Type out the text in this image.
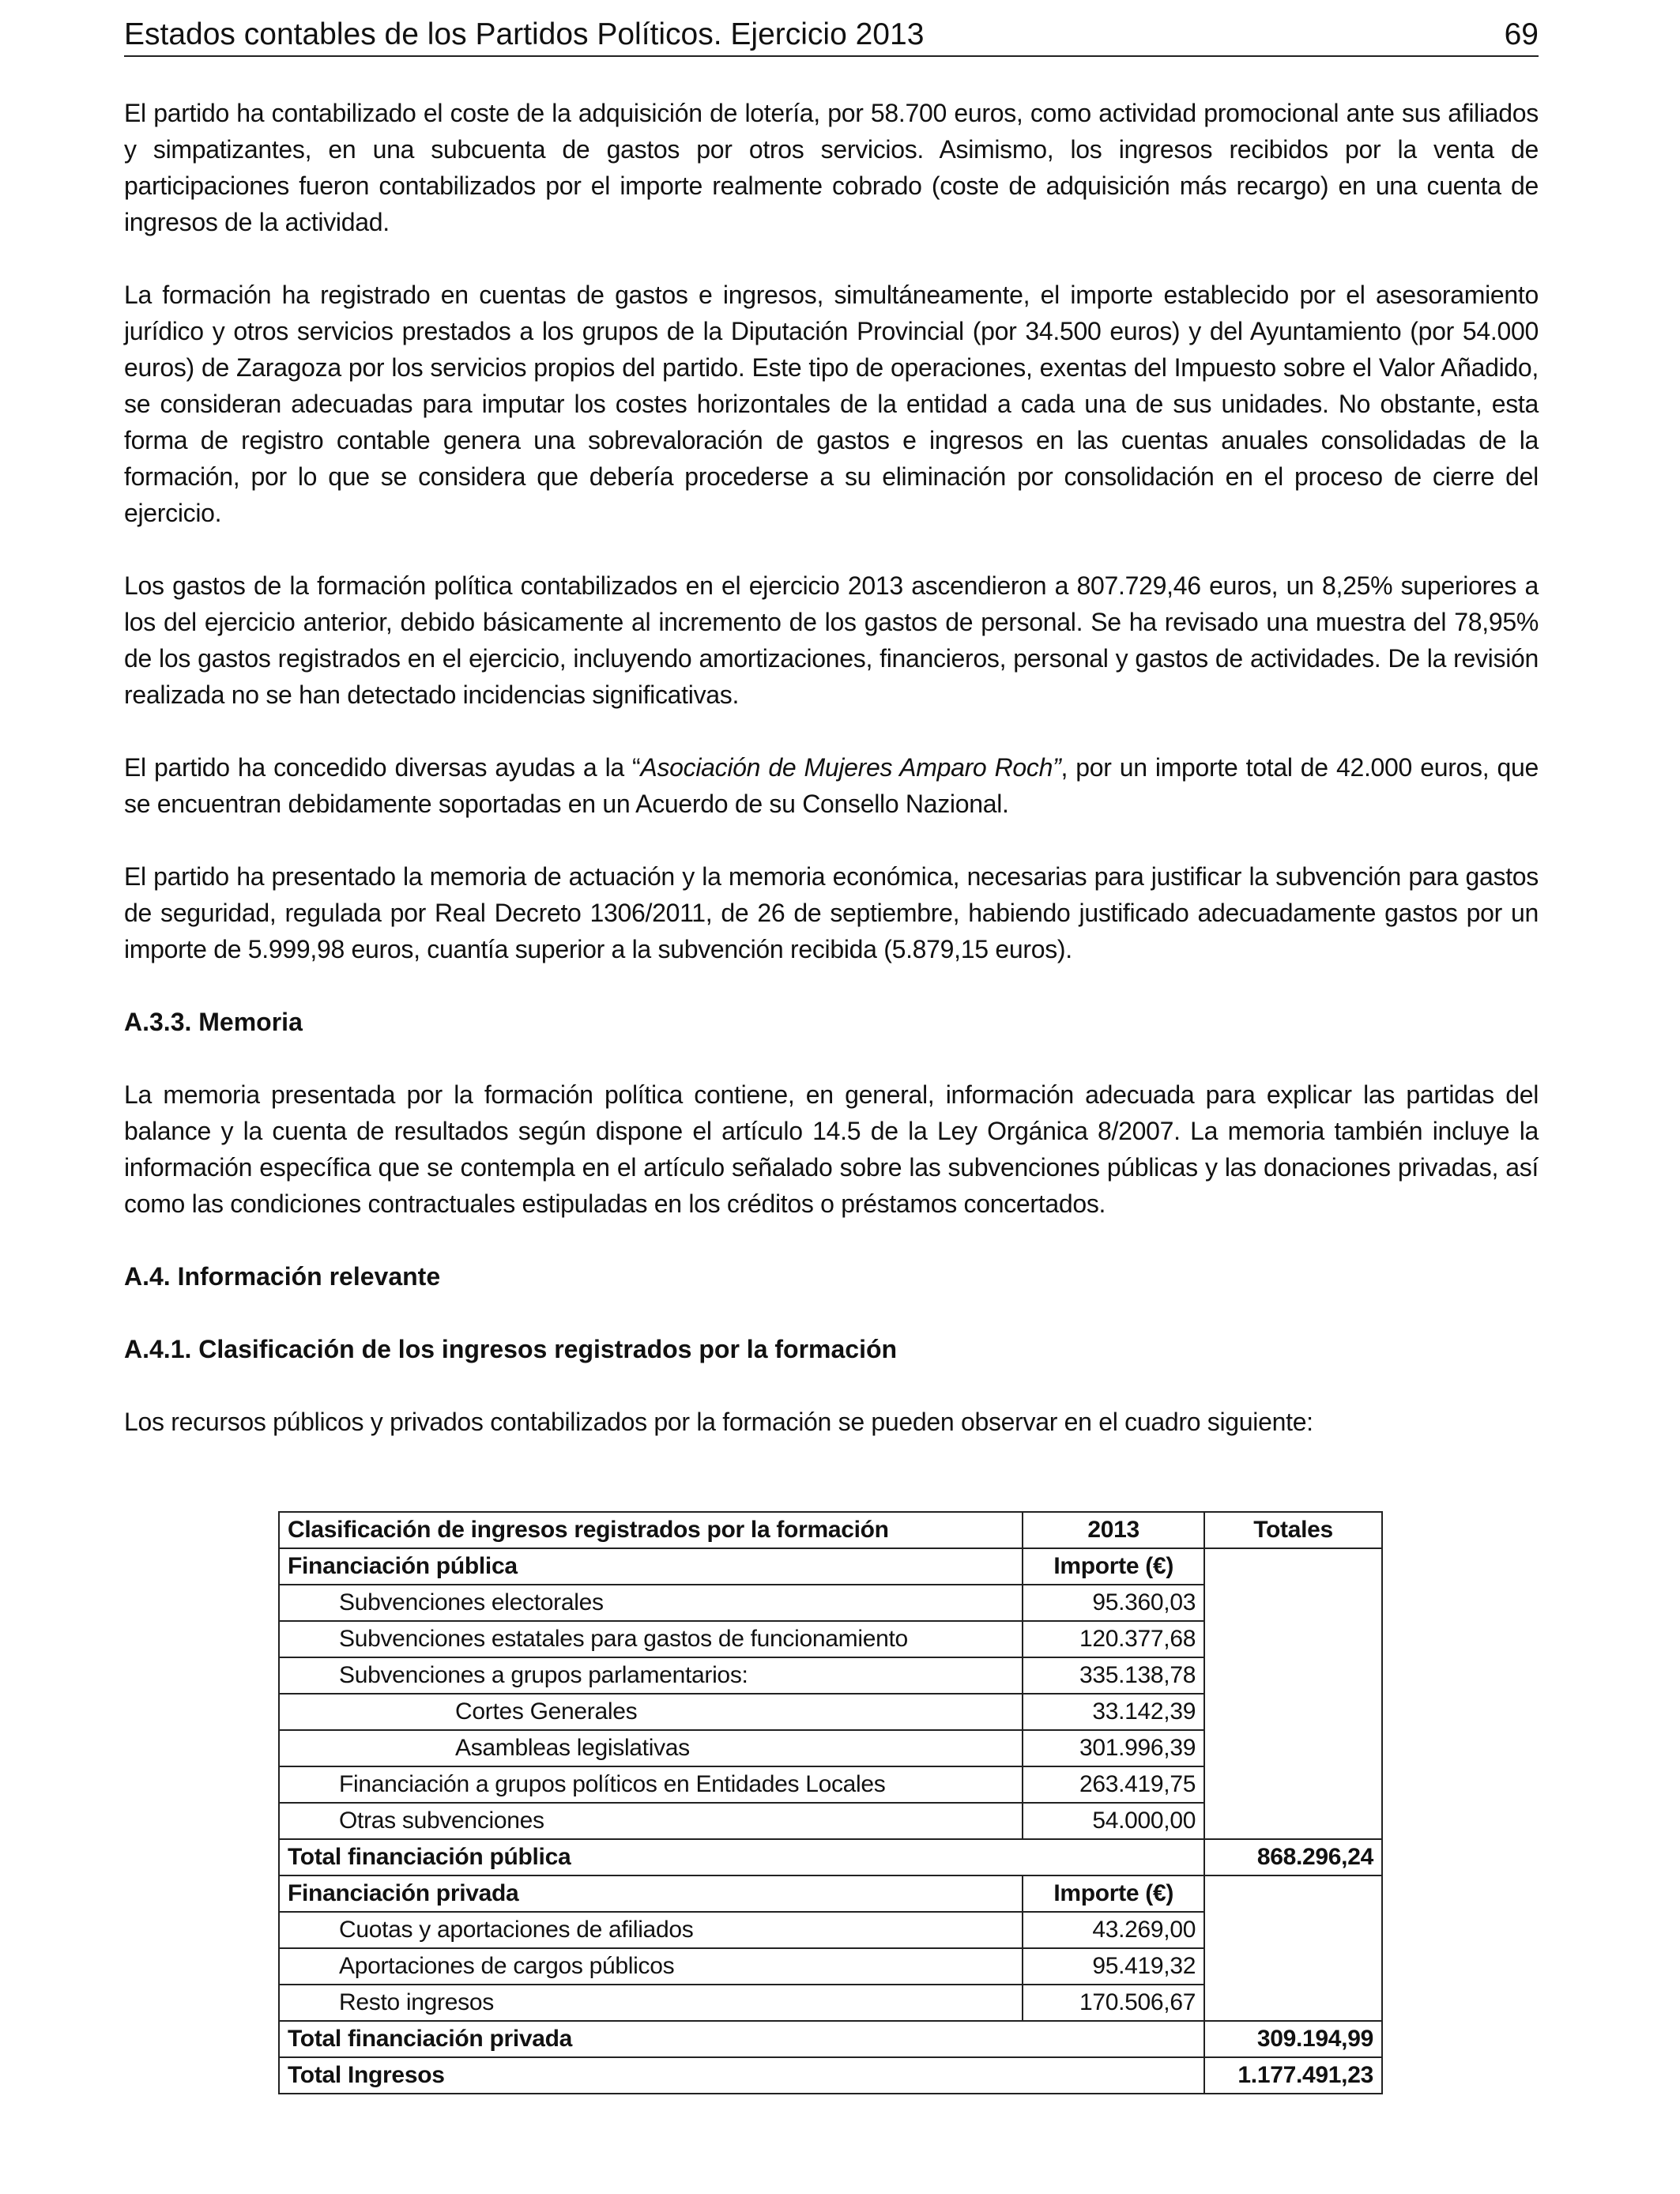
Estados contables de los Partidos Políticos. Ejercicio 2013	69

El partido ha contabilizado el coste de la adquisición de lotería, por 58.700 euros, como actividad promocional ante sus afiliados y simpatizantes, en una subcuenta de gastos por otros servicios. Asimismo, los ingresos recibidos por la venta de participaciones fueron contabilizados por el importe realmente cobrado (coste de adquisición más recargo) en una cuenta de ingresos de la actividad.

La formación ha registrado en cuentas de gastos e ingresos, simultáneamente, el importe establecido por el asesoramiento jurídico y otros servicios prestados a los grupos de la Diputación Provincial (por 34.500 euros) y del Ayuntamiento (por 54.000 euros) de Zaragoza por los servicios propios del partido. Este tipo de operaciones, exentas del Impuesto sobre el Valor Añadido, se consideran adecuadas para imputar los costes horizontales de la entidad a cada una de sus unidades. No obstante, esta forma de registro contable genera una sobrevaloración de gastos e ingresos en las cuentas anuales consolidadas de la formación, por lo que se considera que debería procederse a su eliminación por consolidación en el proceso de cierre del ejercicio.

Los gastos de la formación política contabilizados en el ejercicio 2013 ascendieron a 807.729,46 euros, un 8,25% superiores a los del ejercicio anterior, debido básicamente al incremento de los gastos de personal. Se ha revisado una muestra del 78,95% de los gastos registrados en el ejercicio, incluyendo amortizaciones, financieros, personal y gastos de actividades. De la revisión realizada no se han detectado incidencias significativas.

El partido ha concedido diversas ayudas a la “Asociación de Mujeres Amparo Roch”, por un importe total de 42.000 euros, que se encuentran debidamente soportadas en un Acuerdo de su Consello Nazional.

El partido ha presentado la memoria de actuación y la memoria económica, necesarias para justificar la subvención para gastos de seguridad, regulada por Real Decreto 1306/2011, de 26 de septiembre, habiendo justificado adecuadamente gastos por un importe de 5.999,98 euros, cuantía superior a la subvención recibida (5.879,15 euros).

A.3.3. Memoria

La memoria presentada por la formación política contiene, en general, información adecuada para explicar las partidas del balance y la cuenta de resultados según dispone el artículo 14.5 de la Ley Orgánica 8/2007. La memoria también incluye la información específica que se contempla en el artículo señalado sobre las subvenciones públicas y las donaciones privadas, así como las condiciones contractuales estipuladas en los créditos o préstamos concertados.

A.4. Información relevante
A.4.1. Clasificación de los ingresos registrados por la formación

Los recursos públicos y privados contabilizados por la formación se pueden observar en el cuadro siguiente:

Clasificación de ingresos registrados por la formación	2013	Totales
Financiación pública	Importe (€)	
Subvenciones electorales	95.360,03	
Subvenciones estatales para gastos de funcionamiento	120.377,68	
Subvenciones a grupos parlamentarios:	335.138,78	
Cortes Generales	33.142,39	
Asambleas legislativas	301.996,39	
Financiación a grupos políticos en Entidades Locales	263.419,75	
Otras subvenciones	54.000,00	
Total financiación pública		868.296,24
Financiación privada	Importe (€)	
Cuotas y aportaciones de afiliados	43.269,00	
Aportaciones de cargos públicos	95.419,32	
Resto ingresos	170.506,67	
Total financiación privada		309.194,99
Total Ingresos		1.177.491,23
